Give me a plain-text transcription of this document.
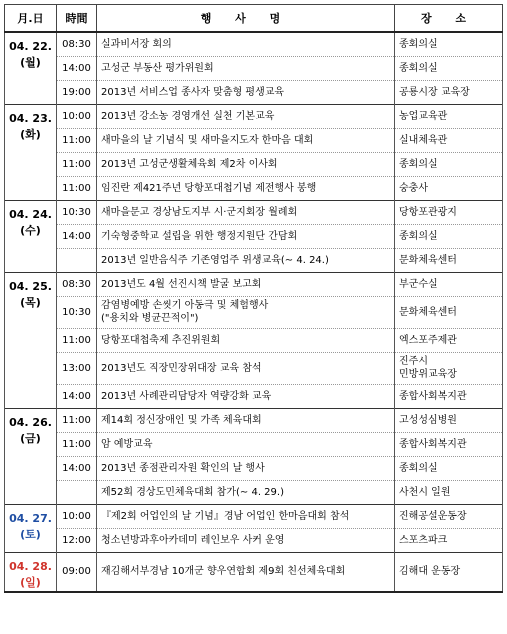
月.日	時間	행 사 명	장 소

04. 22.
(월)	08:30	실과비서장 회의	종회의실

	14:00	고성군 부동산 평가위원회	종회의실

	19:00	2013년 서비스업 종사자 맞춤형 평생교육	공룡시장 교육장

04. 23.
(화)	10:00	2013년 강소농 경영개선 실천 기본교육	농업교육관

	11:00	새마을의 날 기념식 및 새마을지도자 한마음 대회	실내체육관

	11:00	2013년 고성군생활체육회 제2차 이사회	종회의실

	11:00	임진란 제421주년 당항포대첩기념 제전행사 봉행	숭충사

04. 24.
(수)	10:30	새마을문고 경상남도지부 시·군지회장 월례회	당항포관광지

	14:00	기숙형중학교 설립을 위한 행정지원단 간담회	종회의실

		2013년 일반음식주 기존영업주 위생교육(∼ 4. 24.)	문화체육센터

04. 25.
(목)	08:30	2013년도 4월 선진시책 발굴 보고회	부군수실

	10:30	감염병예방 손씻기 아동극 및 체험행사
("용치와 병균끈적이")	문화체육센터

	11:00	당항포대첩축제 추진위원회	엑스포주제관

	13:00	2013년도 직장민장위대장 교육 참석	진주시
민방위교육장

	14:00	2013년 사례관리담당자 역량강화 교육	종합사회복지관

04. 26.
(금)	11:00	제14회 정신장애인 및 가족 체육대회	고성성심병원

	11:00	암 예방교육	종합사회복지관

	14:00	2013년 종점관리자원 확인의 날 행사	종회의실

		제52회 경상도민체육대회 참가(∼ 4. 29.)	사천시 일원

04. 27.
(토)	10:00	『제2회 어업인의 날 기념』경남 어업인 한마음대회 참석	진해공설운동장

	12:00	청소년방과후아카데미 레인보우 사커 운영	스포츠파크

04. 28.
(일)	09:00	재김해서부경남 10개군 향우연합회 제9회 친선체육대회	김해대 운동장
